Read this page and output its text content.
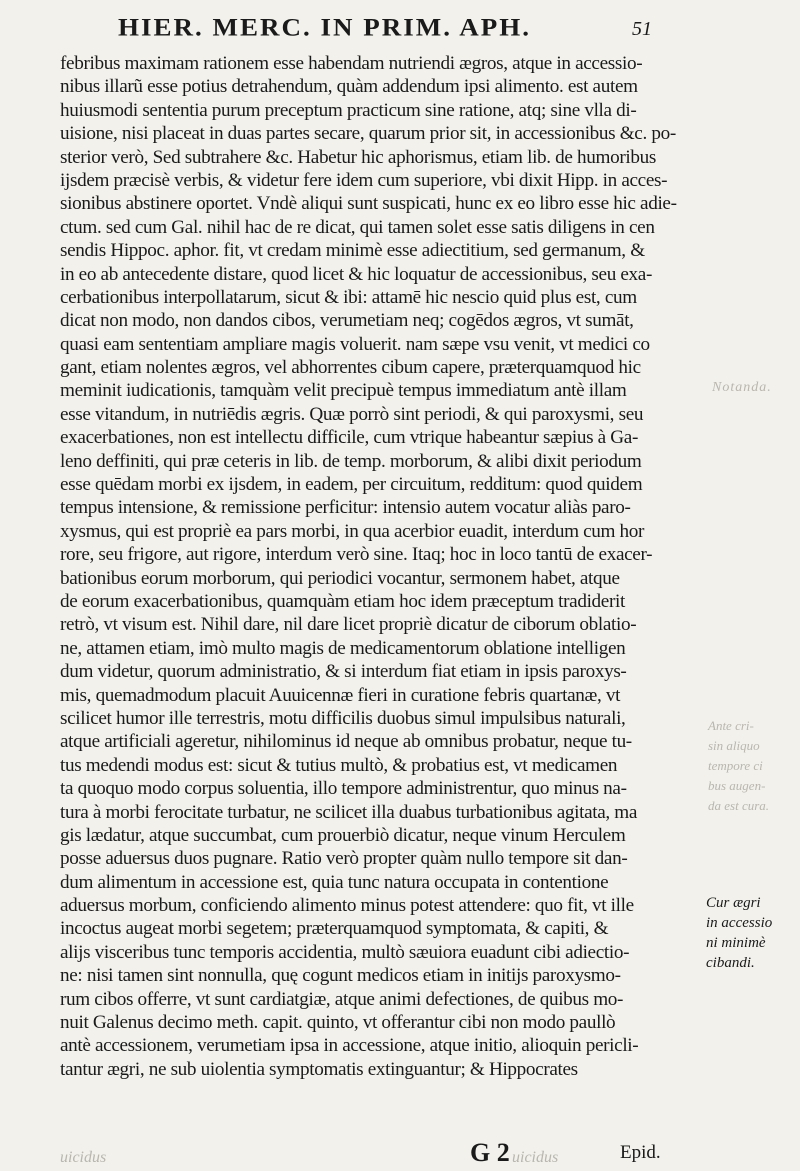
HIER. MERC. IN PRIM. APH.	51
febribus maximam rationem esse habendam nutriendi ægros, atque in accessio-
nibus illarũ esse potius detrahendum, quàm addendum ipsi alimento. est autem
huiusmodi sententia purum preceptum practicum sine ratione, atq; sine vlla di-
uisione, nisi placeat in duas partes secare, quarum prior sit, in accessionibus &c. po-
sterior verò, Sed subtrahere &c. Habetur hic aphorismus, etiam lib. de humoribus
ijsdem præcisè verbis, & videtur fere idem cum superiore, vbi dixit Hipp. in acces-
sionibus abstinere oportet. Vndè aliqui sunt suspicati, hunc ex eo libro esse hic adie-
ctum. sed cum Gal. nihil hac de re dicat, qui tamen solet esse satis diligens in cen
sendis Hippoc. aphor. fit, vt credam minimè esse adiectitium, sed germanum, &
in eo ab antecedente distare, quod licet & hic loquatur de accessionibus, seu exa-
cerbationibus interpollatarum, sicut & ibi: attamē hic nescio quid plus est, cum
dicat non modo, non dandos cibos, verumetiam neq; cogēdos ægros, vt sumāt,
quasi eam sententiam ampliare magis voluerit. nam sæpe vsu venit, vt medici co
gant, etiam nolentes ægros, vel abhorrentes cibum capere, præterquamquod hic
meminit iudicationis, tamquàm velit precipuè tempus immediatum antè illam
esse vitandum, in nutriēdis ægris. Quæ porrò sint periodi, & qui paroxysmi, seu
exacerbationes, non est intellectu difficile, cum vtrique habeantur sæpius à Ga-
leno deffiniti, qui præ ceteris in lib. de temp. morborum, & alibi dixit periodum
esse quēdam morbi ex ijsdem, in eadem, per circuitum, redditum: quod quidem
tempus intensione, & remissione perficitur: intensio autem vocatur aliàs paro-
xysmus, qui est propriè ea pars morbi, in qua acerbior euadit, interdum cum hor
rore, seu frigore, aut rigore, interdum verò sine. Itaq; hoc in loco tantū de exacer-
bationibus eorum morborum, qui periodici vocantur, sermonem habet, atque
de eorum exacerbationibus, quamquàm etiam hoc idem præceptum tradiderit
retrò, vt visum est. Nihil dare, nil dare licet propriè dicatur de ciborum oblatio-
ne, attamen etiam, imò multo magis de medicamentorum oblatione intelligen
dum videtur, quorum administratio, & si interdum fiat etiam in ipsis paroxys-
mis, quemadmodum placuit Auuicennæ fieri in curatione febris quartanæ, vt
scilicet humor ille terrestris, motu difficilis duobus simul impulsibus naturali,
atque artificiali ageretur, nihilominus id neque ab omnibus probatur, neque tu-
tus medendi modus est: sicut & tutius multò, & probatius est, vt medicamen
ta quoquo modo corpus soluentia, illo tempore administrentur, quo minus na-
tura à morbi ferocitate turbatur, ne scilicet illa duabus turbationibus agitata, ma
gis lædatur, atque succumbat, cum prouerbiò dicatur, neque vinum Herculem
posse aduersus duos pugnare. Ratio verò propter quàm nullo tempore sit dan-
dum alimentum in accessione est, quia tunc natura occupata in contentione
aduersus morbum, conficiendo alimento minus potest attendere: quo fit, vt ille
incoctus augeat morbi segetem; præterquamquod symptomata, & capiti, &
alijs visceribus tunc temporis accidentia, multò sæuiora euadunt cibi adiectio-
ne: nisi tamen sint nonnulla, quę cogunt medicos etiam in initijs paroxysmo-
rum cibos offerre, vt sunt cardiatgiæ, atque animi defectiones, de quibus mo-
nuit Galenus decimo meth. capit. quinto, vt offerantur cibi non modo paullò
antè accessionem, verumetiam ipsa in accessione, atque initio, alioquin pericli-
tantur ægri, ne sub uiolentia symptomatis extinguantur; & Hippocrates
Notanda.
Ante cri-
sin aliquo
tempore ci
bus augen-
da est cura.
Cur ægri
in accessio
ni minimè
cibandi.
uicidus	uicidus
G 2	Epid.
